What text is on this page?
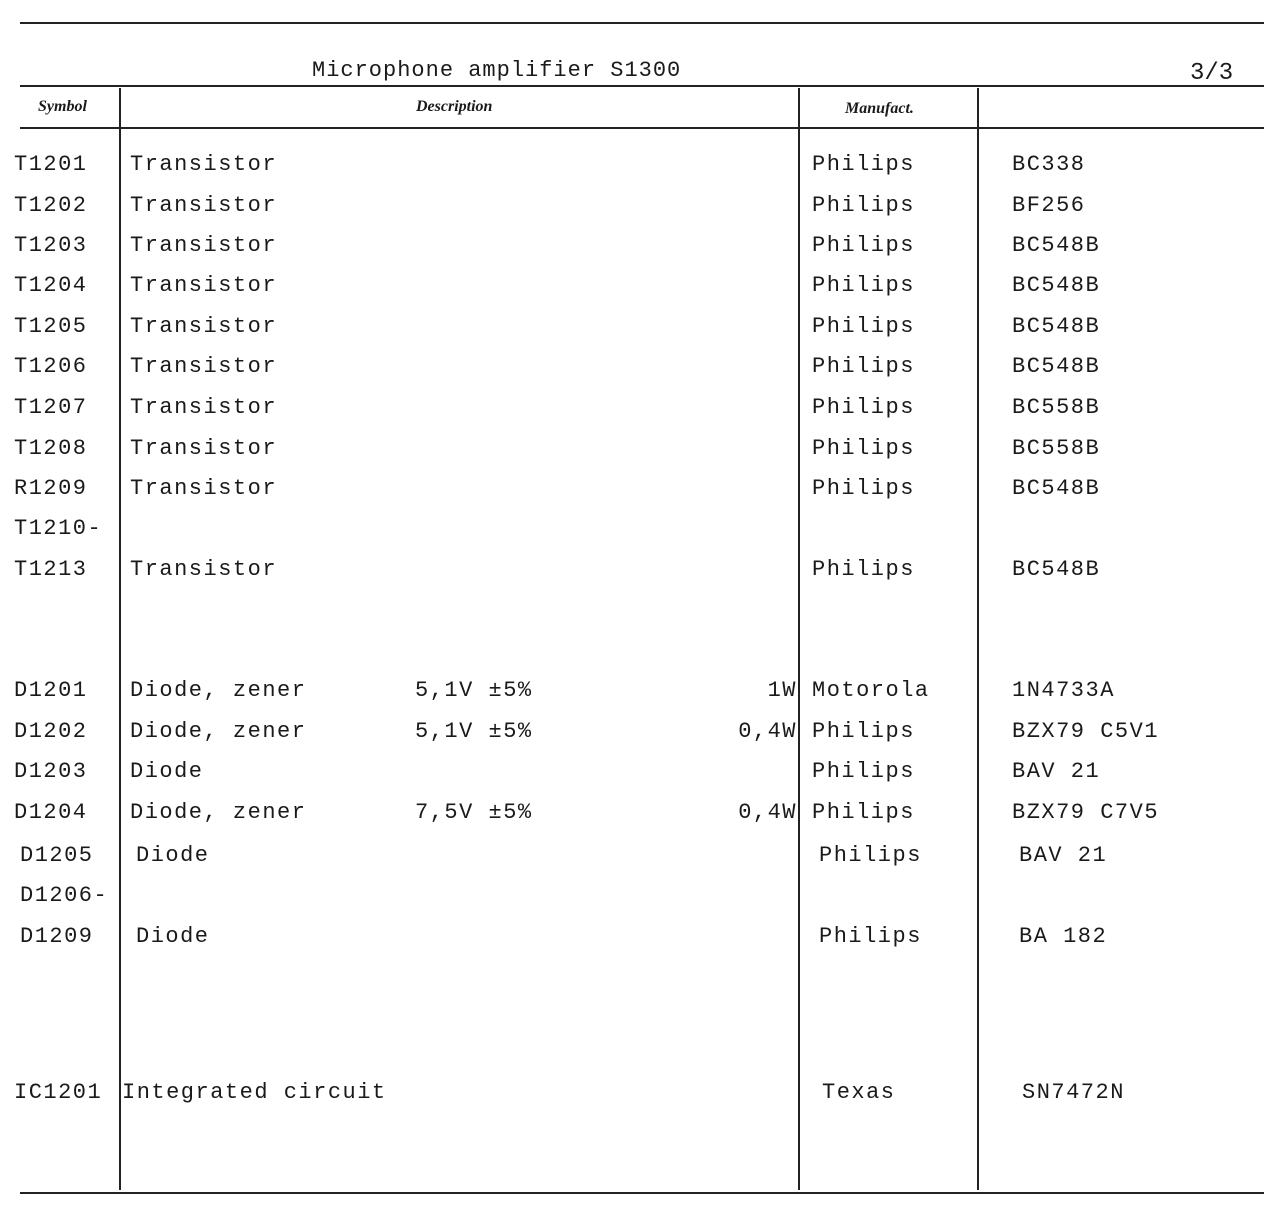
Microphone amplifier S1300	3/3
Symbol	Description	Manufact.
T1201 Transistor	Philips	BC338
T1202 Transistor	Philips	BF256
T1203 Transistor	Philips	BC548B
T1204 Transistor	Philips	BC548B
T1205 Transistor	Philips	BC548B
T1206 Transistor	Philips	BC548B
T1207 Transistor	Philips	BC558B
T1208 Transistor	Philips	BC558B
R1209 Transistor	Philips	BC548B
T1210-
T1213 Transistor	Philips	BC548B
D1201 Diode, zener	5,1V ±5%	1W Motorola	1N4733A
D1202 Diode, zener	5,1V ±5%	0,4W Philips	BZX79 C5V1
D1203 Diode	Philips	BAV 21
D1204 Diode, zener	7,5V ±5%	0,4W Philips	BZX79 C7V5
D1205 Diode	Philips	BAV 21
D1206-
D1209 Diode	Philips	BA 182
IC1201 Integrated circuit	Texas	SN7472N
